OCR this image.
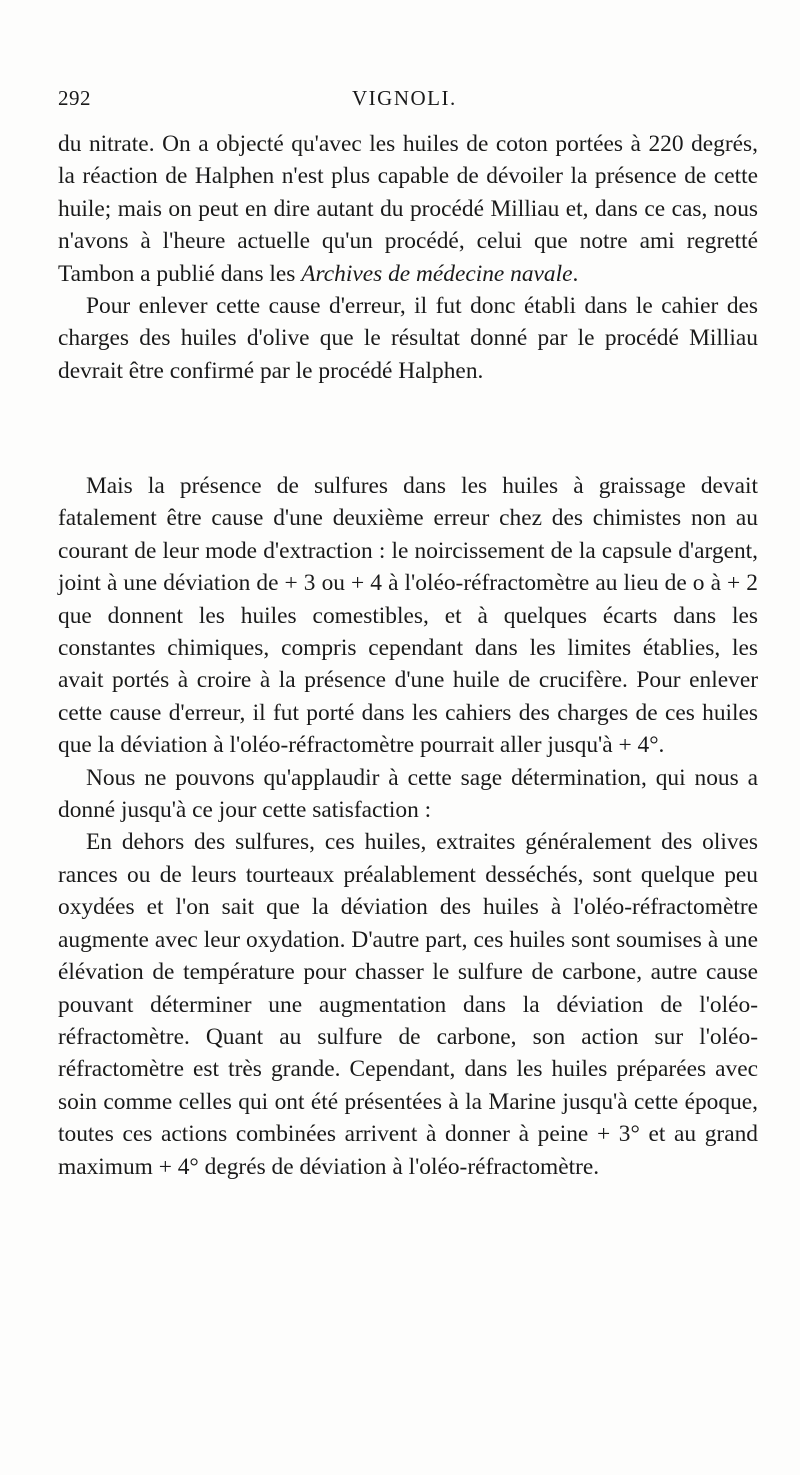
292	VIGNOLI.

du nitrate. On a objecté qu'avec les huiles de coton portées à 220 degrés, la réaction de Halphen n'est plus capable de dévoiler la présence de cette huile; mais on peut en dire autant du procédé Milliau et, dans ce cas, nous n'avons à l'heure actuelle qu'un procédé, celui que notre ami regretté Tambon a publié dans les Archives de médecine navale.

Pour enlever cette cause d'erreur, il fut donc établi dans le cahier des charges des huiles d'olive que le résultat donné par le procédé Milliau devrait être confirmé par le procédé Halphen.

Mais la présence de sulfures dans les huiles à graissage devait fatalement être cause d'une deuxième erreur chez des chimistes non au courant de leur mode d'extraction : le noircissement de la capsule d'argent, joint à une déviation de + 3 ou + 4 à l'oléo-réfractomètre au lieu de o à + 2 que donnent les huiles comestibles, et à quelques écarts dans les constantes chimiques, compris cependant dans les limites établies, les avait portés à croire à la présence d'une huile de crucifère. Pour enlever cette cause d'erreur, il fut porté dans les cahiers des charges de ces huiles que la déviation à l'oléo-réfractomètre pourrait aller jusqu'à + 4°.

Nous ne pouvons qu'applaudir à cette sage détermination, qui nous a donné jusqu'à ce jour cette satisfaction :

En dehors des sulfures, ces huiles, extraites généralement des olives rances ou de leurs tourteaux préalablement desséchés, sont quelque peu oxydées et l'on sait que la déviation des huiles à l'oléo-réfractomètre augmente avec leur oxydation. D'autre part, ces huiles sont soumises à une élévation de température pour chasser le sulfure de carbone, autre cause pouvant déterminer une augmentation dans la déviation de l'oléo-réfractomètre. Quant au sulfure de carbone, son action sur l'oléo-réfractomètre est très grande. Cependant, dans les huiles préparées avec soin comme celles qui ont été présentées à la Marine jusqu'à cette époque, toutes ces actions combinées arrivent à donner à peine + 3° et au grand maximum + 4° degrés de déviation à l'oléo-réfractomètre.
